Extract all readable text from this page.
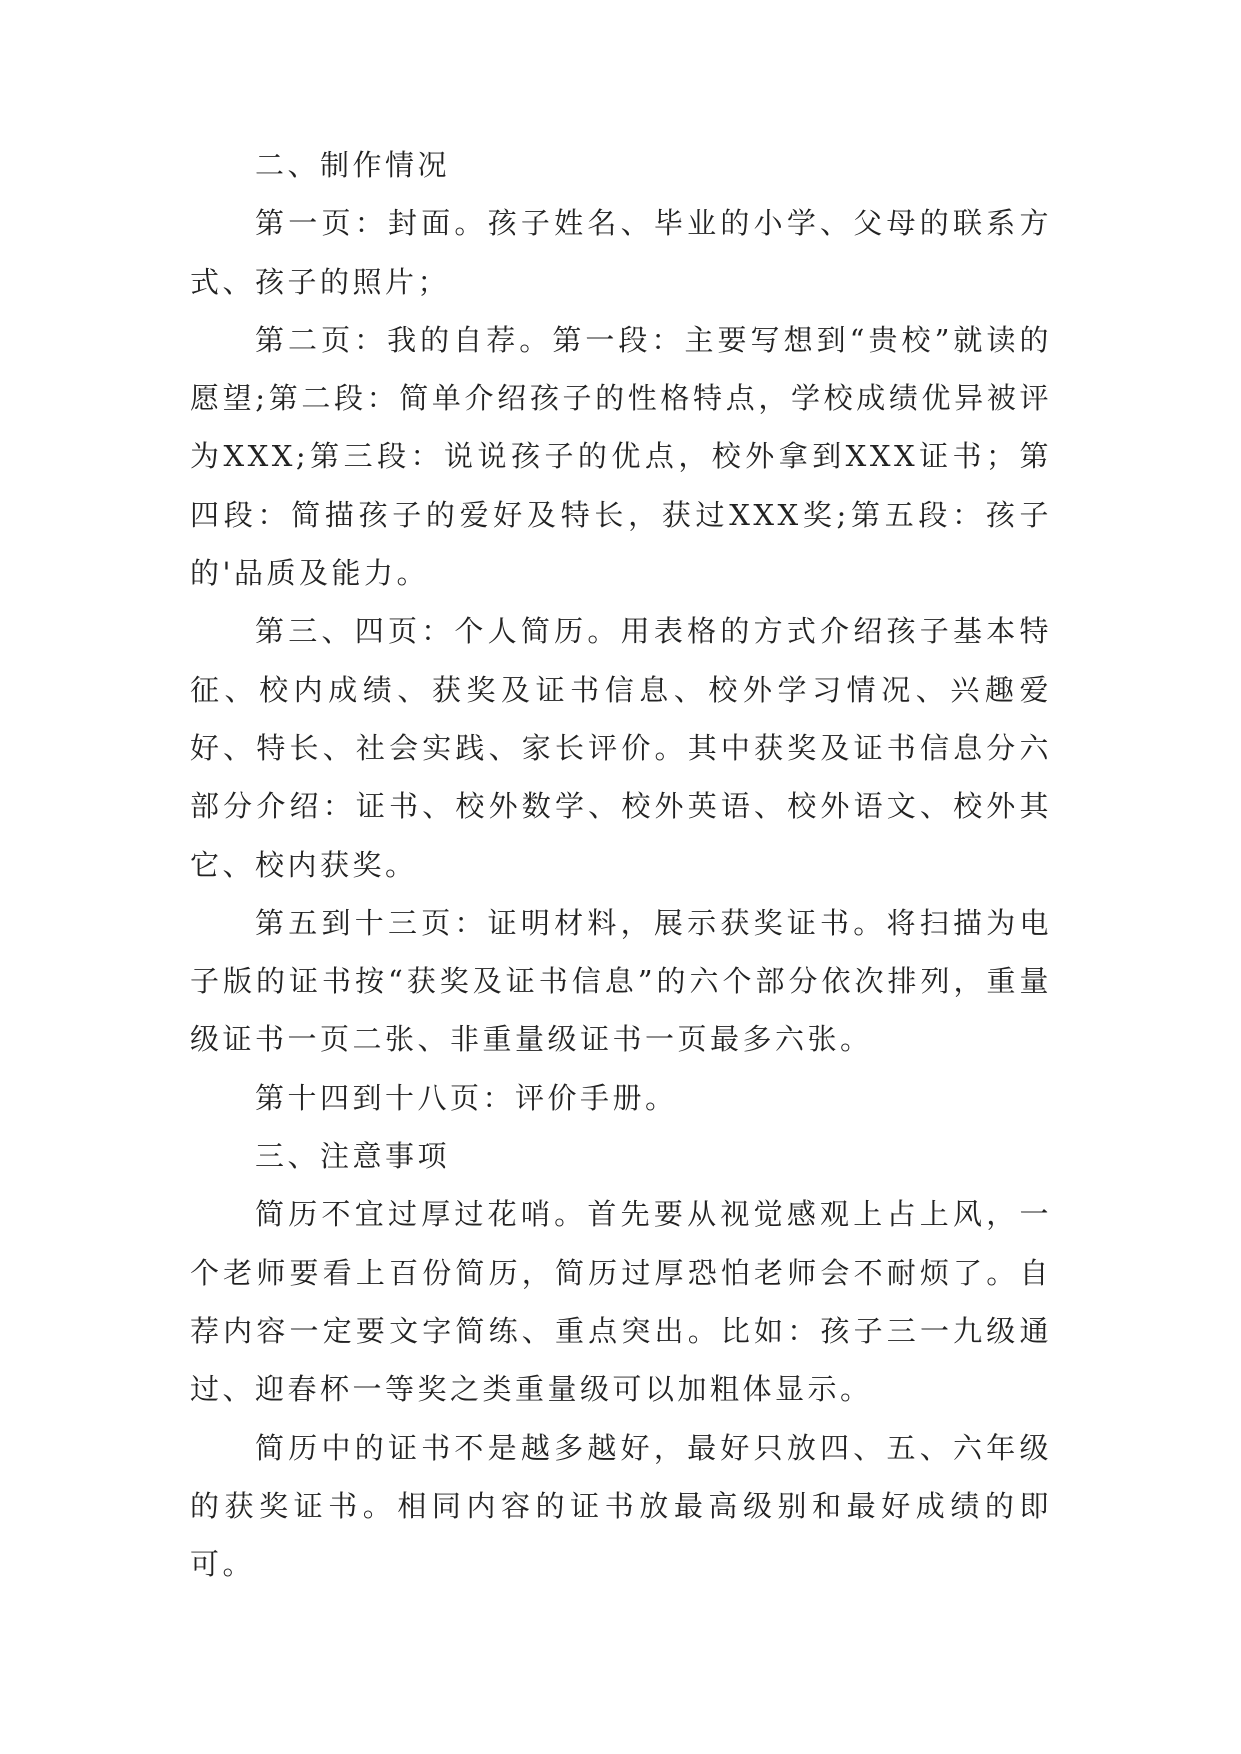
二、制作情况

第一页：封面。孩子姓名、毕业的小学、父母的联系方式、孩子的照片；

第二页：我的自荐。第一段：主要写想到“贵校”就读的愿望;第二段：简单介绍孩子的性格特点，学校成绩优异被评为XXX;第三段：说说孩子的优点，校外拿到XXX证书；第四段：简描孩子的爱好及特长，获过XXX奖;第五段：孩子的'品质及能力。

第三、四页：个人简历。用表格的方式介绍孩子基本特征、校内成绩、获奖及证书信息、校外学习情况、兴趣爱好、特长、社会实践、家长评价。其中获奖及证书信息分六部分介绍：证书、校外数学、校外英语、校外语文、校外其它、校内获奖。

第五到十三页：证明材料，展示获奖证书。将扫描为电子版的证书按“获奖及证书信息”的六个部分依次排列，重量级证书一页二张、非重量级证书一页最多六张。

第十四到十八页：评价手册。

三、注意事项

简历不宜过厚过花哨。首先要从视觉感观上占上风，一个老师要看上百份简历，简历过厚恐怕老师会不耐烦了。自荐内容一定要文字简练、重点突出。比如：孩子三一九级通过、迎春杯一等奖之类重量级可以加粗体显示。

简历中的证书不是越多越好，最好只放四、五、六年级的获奖证书。相同内容的证书放最高级别和最好成绩的即可。
